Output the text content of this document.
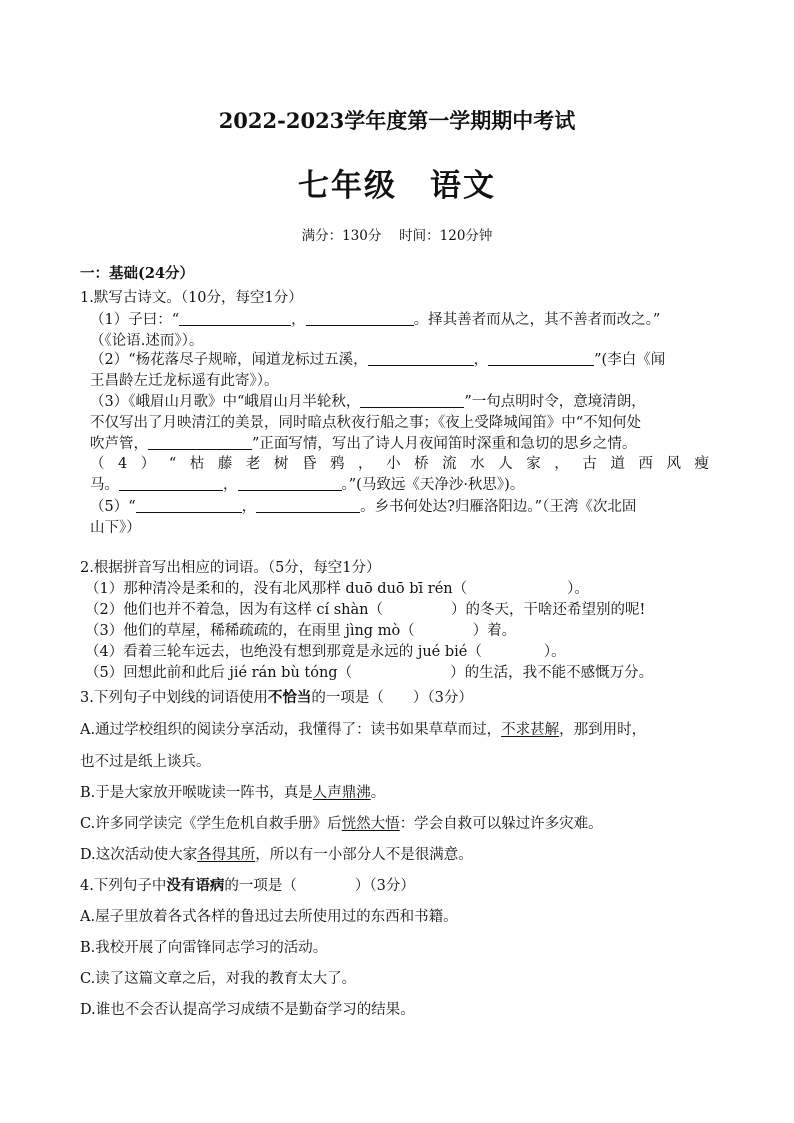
2022-2023学年度第一学期期中考试

七年级　语文

满分：130分　 时间：120分钟

一：基础(24分）

1.默写古诗文。（10分，每空1分）

（1）子曰：“	，	。择其善者而从之，其不善者而改之。”

（《论语.述而》）。

（2）“杨花落尽子规啼，闻道龙标过五溪，	，	”(李白《闻

王昌龄左迁龙标遥有此寄》）。

（3）《峨眉山月歌》中“峨眉山月半轮秋，	”一句点明时令，意境清朗，

不仅写出了月映清江的美景，同时暗点秋夜行船之事；《夜上受降城闻笛》中“不知何处

吹芦管，	”正面写情，写出了诗人月夜闻笛时深重和急切的思乡之情。

（4）“枯藤老树昏鸦，小桥流水人家，古道西风瘦

马。	，	。”(马致远《天净沙·秋思》)。

（5）“	，	。乡书何处达?归雁洛阳边。”（王湾《次北固

山下》）

2.根据拼音写出相应的词语。（5分，每空1分）

（1）那种清冷是柔和的，没有北风那样 duō duō bī rén（	）。

（2）他们也并不着急，因为有这样 cí shàn（	）的冬天，干啥还希望别的呢!

（3）他们的草屋，稀稀疏疏的，在雨里 jìng mò（	）着。

（4）看着三轮车远去，也绝没有想到那竟是永远的 jué bié（	）。

（5）回想此前和此后 jié rán bù tóng（	）的生活，我不能不感慨万分。

3.下列句子中划线的词语使用不恰当的一项是（　　）（3分）

A.通过学校组织的阅读分享活动，我懂得了：读书如果草草而过，不求甚解，那到用时，

也不过是纸上谈兵。

B.于是大家放开喉咙读一阵书，真是人声鼎沸。

C.许多同学读完《学生危机自救手册》后恍然大悟：学会自救可以躲过许多灾难。

D.这次活动使大家各得其所，所以有一小部分人不是很满意。

4.下列句子中没有语病的一项是（　　　　）（3分）

A.屋子里放着各式各样的鲁迅过去所使用过的东西和书籍。

B.我校开展了向雷锋同志学习的活动。

C.读了这篇文章之后，对我的教育太大了。

D.谁也不会否认提高学习成绩不是勤奋学习的结果。
